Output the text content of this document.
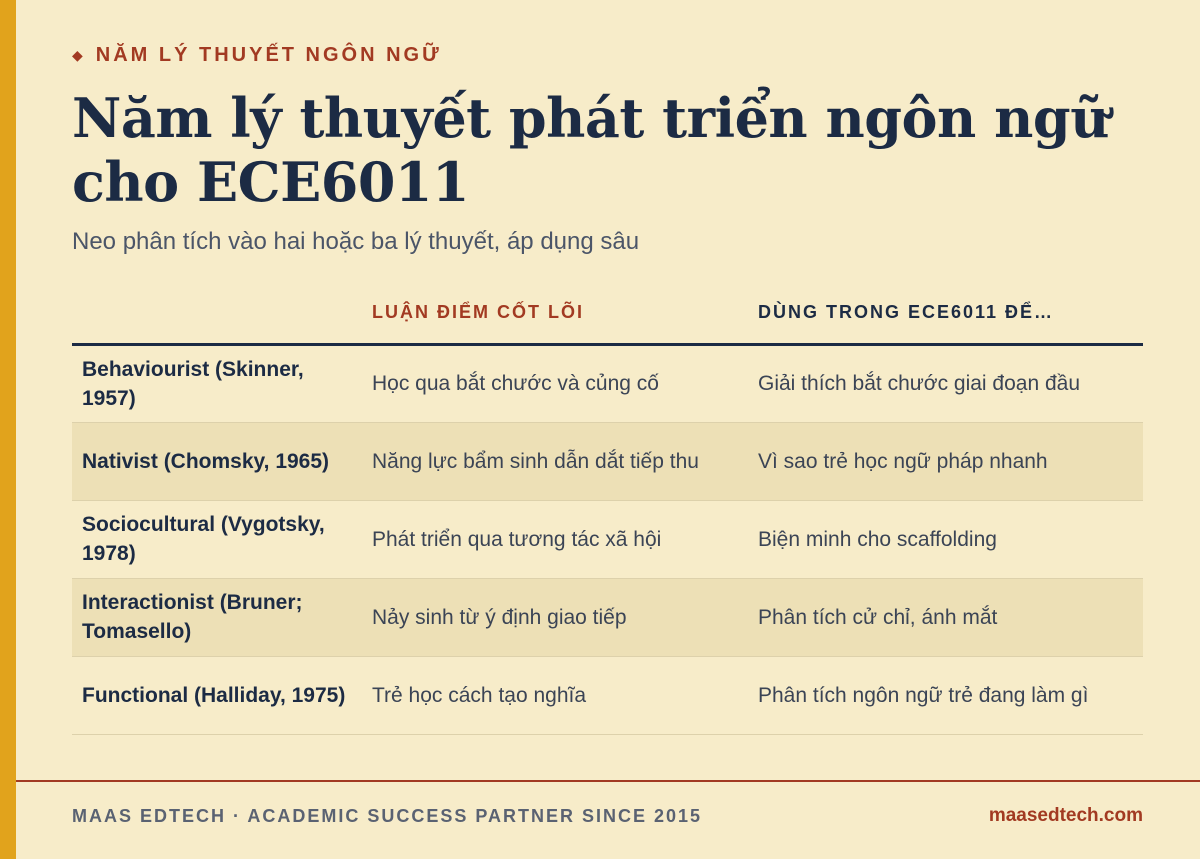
◆ NĂM LÝ THUYẾT NGÔN NGỮ
Năm lý thuyết phát triển ngôn ngữ cho ECE6011
Neo phân tích vào hai hoặc ba lý thuyết, áp dụng sâu
	LUẬN ĐIỂM CỐT LÕI	DÙNG TRONG ECE6011 ĐỂ…
Behaviourist (Skinner, 1957)	Học qua bắt chước và củng cố	Giải thích bắt chước giai đoạn đầu
Nativist (Chomsky, 1965)	Năng lực bẩm sinh dẫn dắt tiếp thu	Vì sao trẻ học ngữ pháp nhanh
Sociocultural (Vygotsky, 1978)	Phát triển qua tương tác xã hội	Biện minh cho scaffolding
Interactionist (Bruner; Tomasello)	Nảy sinh từ ý định giao tiếp	Phân tích cử chỉ, ánh mắt
Functional (Halliday, 1975)	Trẻ học cách tạo nghĩa	Phân tích ngôn ngữ trẻ đang làm gì
MAAS EDTECH · ACADEMIC SUCCESS PARTNER SINCE 2015	maasedtech.com
